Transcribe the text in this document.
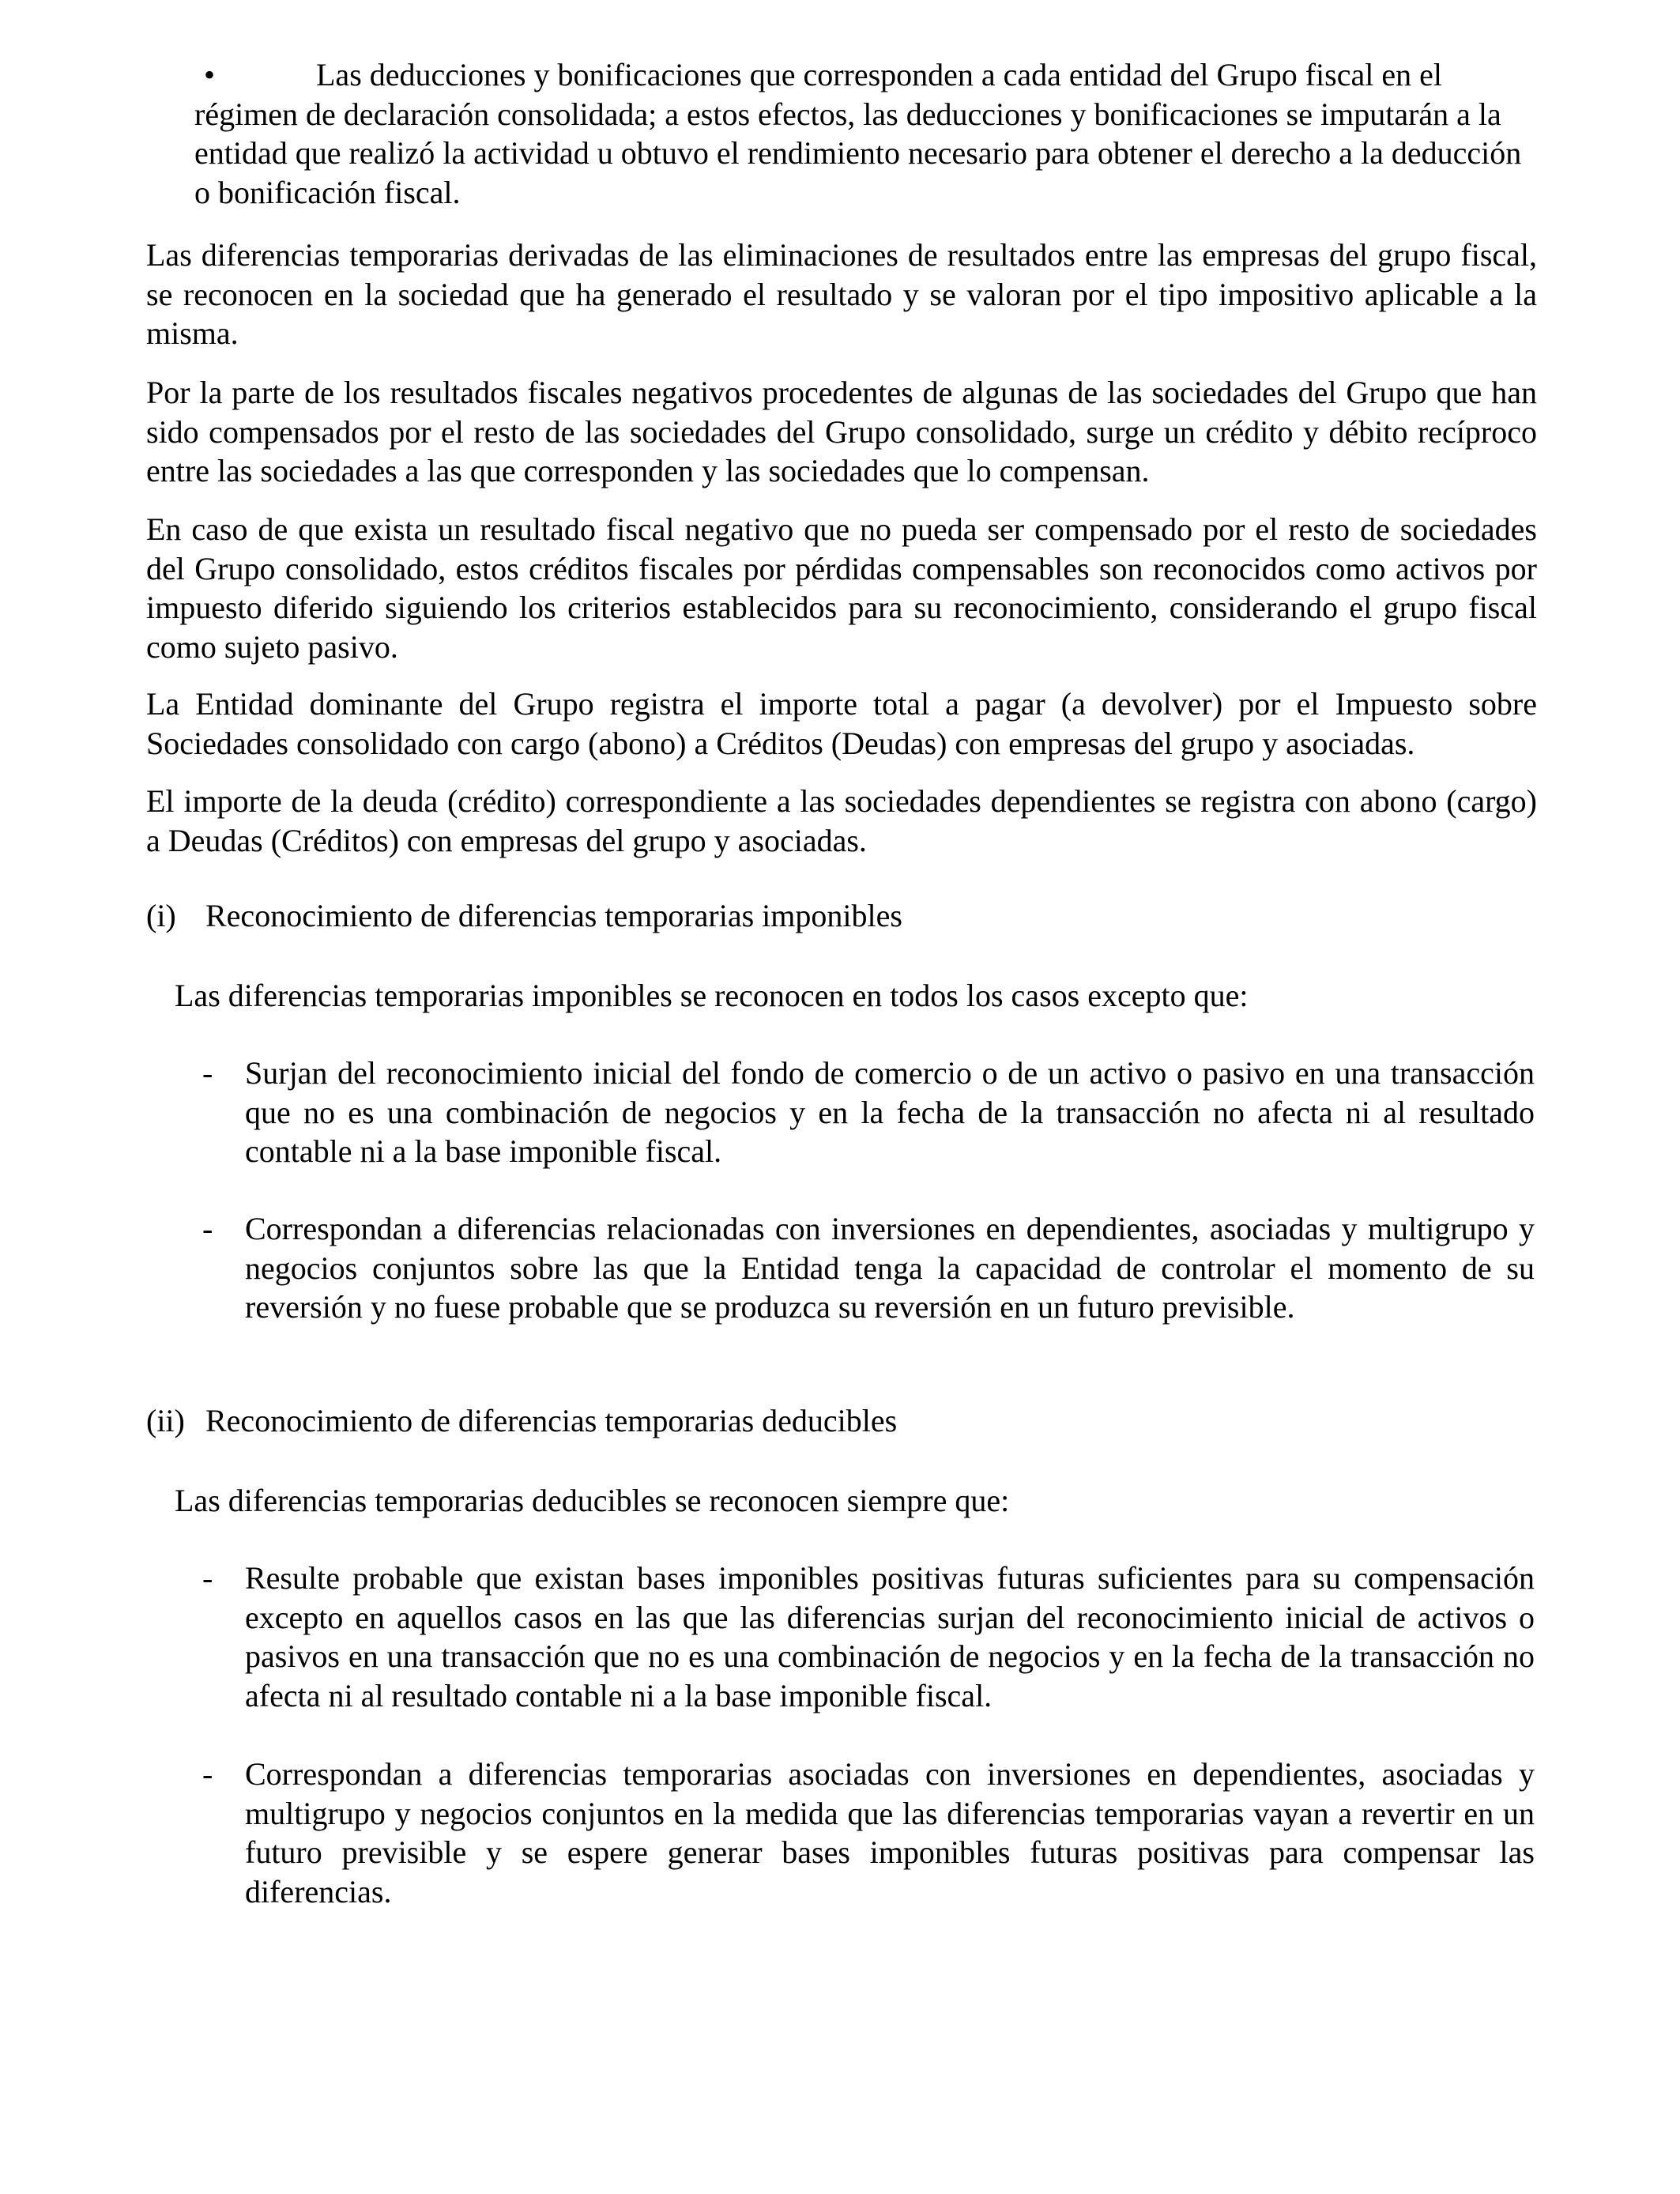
•	Las deducciones y bonificaciones que corresponden a cada entidad del Grupo fiscal en el régimen de declaración consolidada; a estos efectos, las deducciones y bonificaciones se imputarán a la entidad que realizó la actividad u obtuvo el rendimiento necesario para obtener el derecho a la deducción o bonificación fiscal.

Las diferencias temporarias derivadas de las eliminaciones de resultados entre las empresas del grupo fiscal, se reconocen en la sociedad que ha generado el resultado y se valoran por el tipo impositivo aplicable a la misma.

Por la parte de los resultados fiscales negativos procedentes de algunas de las sociedades del Grupo que han sido compensados por el resto de las sociedades del Grupo consolidado, surge un crédito y débito recíproco entre las sociedades a las que corresponden y las sociedades que lo compensan.

En caso de que exista un resultado fiscal negativo que no pueda ser compensado por el resto de sociedades del Grupo consolidado, estos créditos fiscales por pérdidas compensables son reconocidos como activos por impuesto diferido siguiendo los criterios establecidos para su reconocimiento, considerando el grupo fiscal como sujeto pasivo.

La Entidad dominante del Grupo registra el importe total a pagar (a devolver) por el Impuesto sobre Sociedades consolidado con cargo (abono) a Créditos (Deudas) con empresas del grupo y asociadas.

El importe de la deuda (crédito) correspondiente a las sociedades dependientes se registra con abono (cargo) a Deudas (Créditos) con empresas del grupo y asociadas.

(i) Reconocimiento de diferencias temporarias imponibles

Las diferencias temporarias imponibles se reconocen en todos los casos excepto que:

- Surjan del reconocimiento inicial del fondo de comercio o de un activo o pasivo en una transacción que no es una combinación de negocios y en la fecha de la transacción no afecta ni al resultado contable ni a la base imponible fiscal.

- Correspondan a diferencias relacionadas con inversiones en dependientes, asociadas y multigrupo y negocios conjuntos sobre las que la Entidad tenga la capacidad de controlar el momento de su reversión y no fuese probable que se produzca su reversión en un futuro previsible.

(ii) Reconocimiento de diferencias temporarias deducibles

Las diferencias temporarias deducibles se reconocen siempre que:

- Resulte probable que existan bases imponibles positivas futuras suficientes para su compensación excepto en aquellos casos en las que las diferencias surjan del reconocimiento inicial de activos o pasivos en una transacción que no es una combinación de negocios y en la fecha de la transacción no afecta ni al resultado contable ni a la base imponible fiscal.

- Correspondan a diferencias temporarias asociadas con inversiones en dependientes, asociadas y multigrupo y negocios conjuntos en la medida que las diferencias temporarias vayan a revertir en un futuro previsible y se espere generar bases imponibles futuras positivas para compensar las diferencias.
